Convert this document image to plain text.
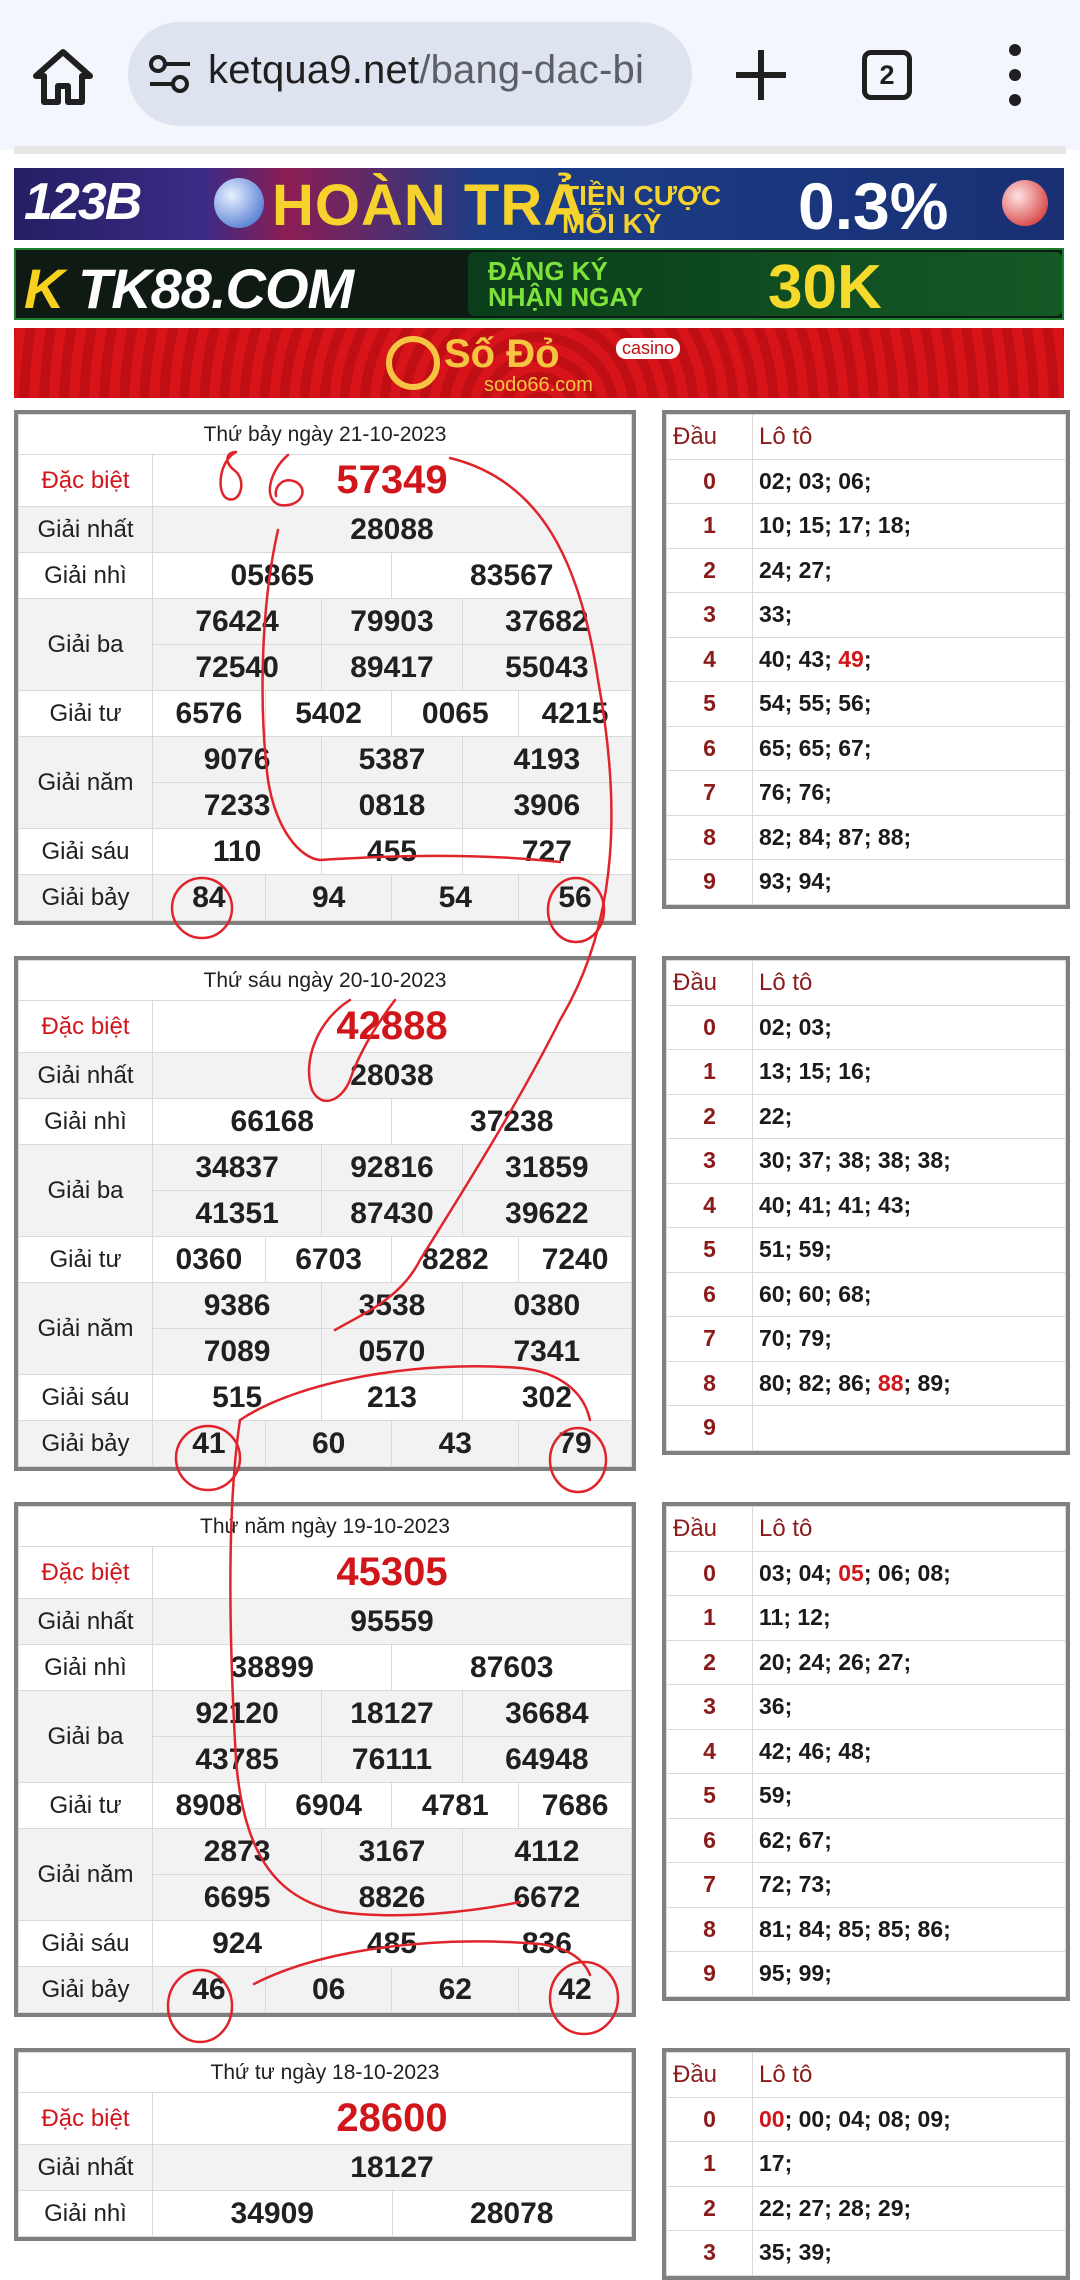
ketqua9.net/bang-dac-bi	2
123B HOÀN TRẢ
TIỀN CƯỢC
MỖI KỲ	0.3%
K TK88.COM	ĐĂNG KÝ
NHẬN NGAY 30K
Số Đỏ	casino
sodo66.com
Thứ bảy ngày 21-10-2023						
Đặc biệt	57349					
Giải nhất	28088					
Giải nhì	05865			83567		
Giải ba	76424		79903		37682	
	72540		89417		55043	
Giải tư	6576	5402		0065		4215
Giải năm	9076		5387		4193	
	7233		0818		3906	
Giải sáu	110		455		727	
Giải bảy	84	94		54		56
Đầu	Lô tô
0	02; 03; 06;
1	10; 15; 17; 18;
2	24; 27;
3	33;
4	40; 43; 49;
5	54; 55; 56;
6	65; 65; 67;
7	76; 76;
8	82; 84; 87; 88;
9	93; 94;
Thứ sáu ngày 20-10-2023						
Đặc biệt	42888					
Giải nhất	28038					
Giải nhì	66168			37238		
Giải ba	34837		92816		31859	
	41351		87430		39622	
Giải tư	0360	6703		8282		7240
Giải năm	9386		3538		0380	
	7089		0570		7341	
Giải sáu	515		213		302	
Giải bảy	41	60		43		79
Đầu	Lô tô
0	02; 03;
1	13; 15; 16;
2	22;
3	30; 37; 38; 38; 38;
4	40; 41; 41; 43;
5	51; 59;
6	60; 60; 68;
7	70; 79;
8	80; 82; 86; 88; 89;
9	
Thứ năm ngày 19-10-2023						
Đặc biệt	45305					
Giải nhất	95559					
Giải nhì	38899			87603		
Giải ba	92120		18127		36684	
	43785		76111		64948	
Giải tư	8908	6904		4781		7686
Giải năm	2873		3167		4112	
	6695		8826		6672	
Giải sáu	924		485		836	
Giải bảy	46	06		62		42
Đầu	Lô tô
0	03; 04; 05; 06; 08;
1	11; 12;
2	20; 24; 26; 27;
3	36;
4	42; 46; 48;
5	59;
6	62; 67;
7	72; 73;
8	81; 84; 85; 85; 86;
9	95; 99;
Thứ tư ngày 18-10-2023		
Đặc biệt	28600	
Giải nhất	18127	
Giải nhì	34909	28078
Đầu	Lô tô
0	00; 00; 04; 08; 09;
1	17;
2	22; 27; 28; 29;
3	35; 39;
